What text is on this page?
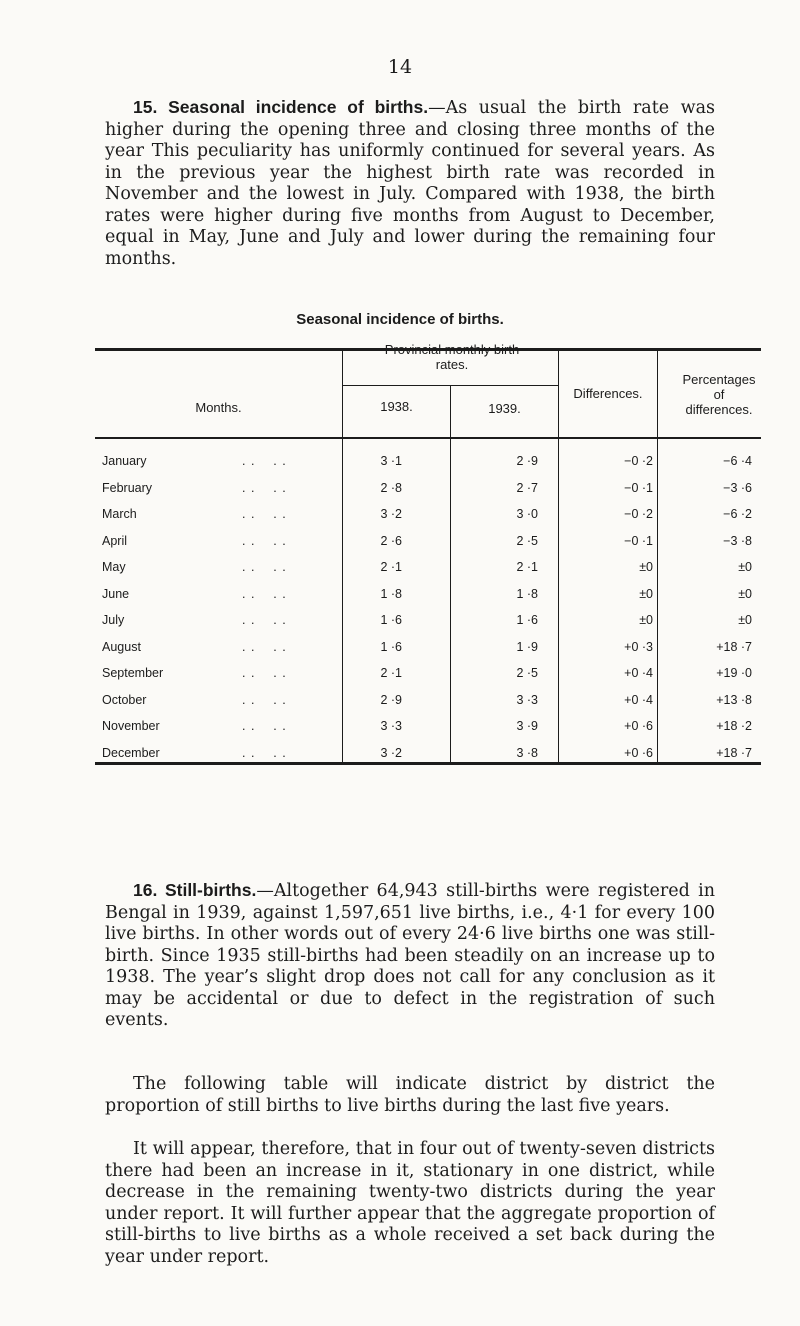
14

15. Seasonal incidence of births.—As usual the birth rate was higher during the opening three and closing three months of the year This peculiarity has uniformly continued for several years. As in the previous year the highest birth rate was recorded in November and the lowest in July. Compared with 1938, the birth rates were higher during five months from August to December, equal in May, June and July and lower during the remaining four months.

Seasonal incidence of births.
Months.
Provincial monthly birth rates.
1938.	1939.
Differences.
Percentages of differences.
January	. .    . .	3 ·1	2 ·9	−0 ·2	−6 ·4
February	. .    . .	2 ·8	2 ·7	−0 ·1	−3 ·6
March	. .    . .	3 ·2	3 ·0	−0 ·2	−6 ·2
April	. .    . .	2 ·6	2 ·5	−0 ·1	−3 ·8
May	. .    . .	2 ·1	2 ·1	±0	±0
June	. .    . .	1 ·8	1 ·8	±0	±0
July	. .    . .	1 ·6	1 ·6	±0	±0
August	. .    . .	1 ·6	1 ·9	+0 ·3	+18 ·7
September	. .    . .	2 ·1	2 ·5	+0 ·4	+19 ·0
October	. .    . .	2 ·9	3 ·3	+0 ·4	+13 ·8
November	. .    . .	3 ·3	3 ·9	+0 ·6	+18 ·2
December	. .    . .	3 ·2	3 ·8	+0 ·6	+18 ·7

16. Still-births.—Altogether 64,943 still-births were registered in Bengal in 1939, against 1,597,651 live births, i.e., 4·1 for every 100 live births. In other words out of every 24·6 live births one was still-birth. Since 1935 still-births had been steadily on an increase up to 1938. The year’s slight drop does not call for any conclusion as it may be accidental or due to defect in the registration of such events.

The following table will indicate district by district the proportion of still births to live births during the last five years.

It will appear, therefore, that in four out of twenty-seven districts there had been an increase in it, stationary in one district, while decrease in the remaining twenty-two districts during the year under report. It will further appear that the aggregate proportion of still-births to live births as a whole received a set back during the year under report.
